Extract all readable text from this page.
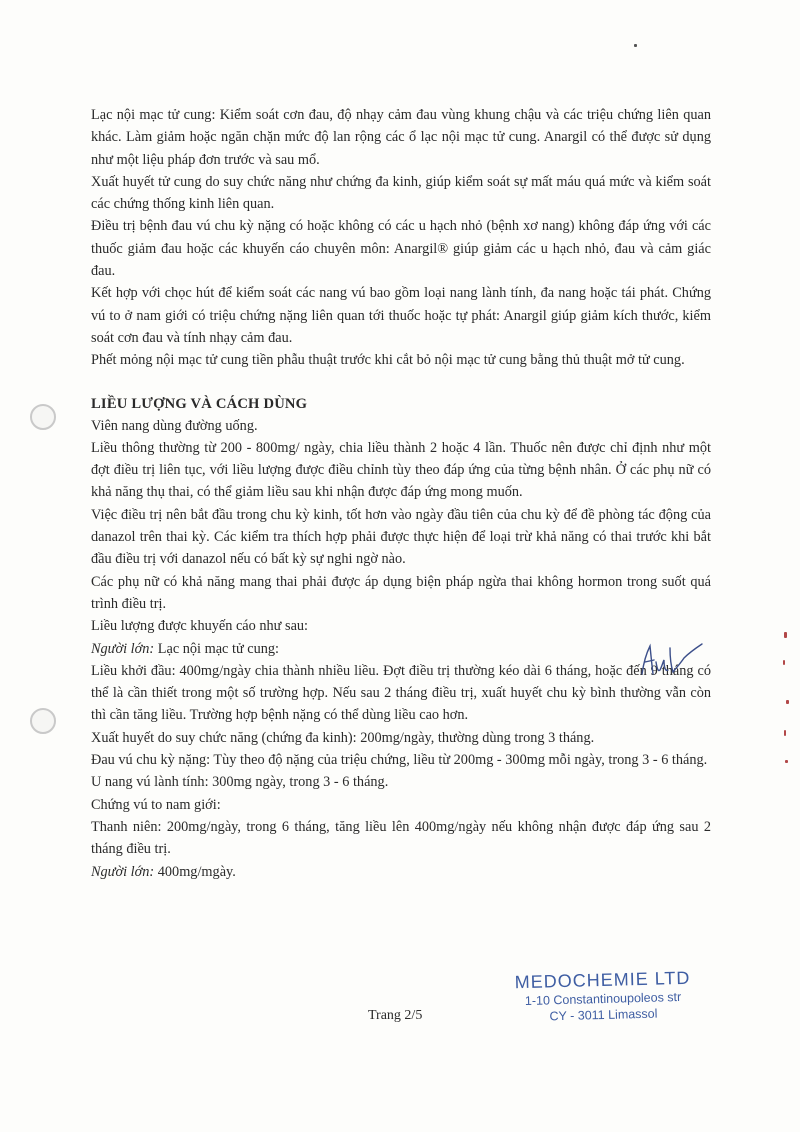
Lạc nội mạc tử cung: Kiểm soát cơn đau, độ nhạy cảm đau vùng khung chậu và các triệu chứng liên quan khác. Làm giảm hoặc ngăn chặn mức độ lan rộng các ổ lạc nội mạc tử cung. Anargil có thể được sử dụng như một liệu pháp đơn trước và sau mổ.

Xuất huyết tử cung do suy chức năng như chứng đa kinh, giúp kiểm soát sự mất máu quá mức và kiểm soát các chứng thống kinh liên quan.

Điều trị bệnh đau vú chu kỳ nặng có hoặc không có các u hạch nhỏ (bệnh xơ nang) không đáp ứng với các thuốc giảm đau hoặc các khuyến cáo chuyên môn: Anargil® giúp giảm các u hạch nhỏ, đau và cảm giác đau.

Kết hợp với chọc hút để kiểm soát các nang vú bao gồm loại nang lành tính, đa nang hoặc tái phát. Chứng vú to ở nam giới có triệu chứng nặng liên quan tới thuốc hoặc tự phát: Anargil giúp giảm kích thước, kiểm soát cơn đau và tính nhạy cảm đau.

Phết mỏng nội mạc tử cung tiền phẫu thuật trước khi cắt bỏ nội mạc tử cung bằng thủ thuật mở tử cung.

LIỀU LƯỢNG VÀ CÁCH DÙNG

Viên nang dùng đường uống.

Liều thông thường từ 200 - 800mg/ ngày, chia liều thành 2 hoặc 4 lần. Thuốc nên được chỉ định như một đợt điều trị liên tục, với liều lượng được điều chỉnh tùy theo đáp ứng của từng bệnh nhân. Ở các phụ nữ có khả năng thụ thai, có thể giảm liều sau khi nhận được đáp ứng mong muốn.

Việc điều trị nên bắt đầu trong chu kỳ kinh, tốt hơn vào ngày đầu tiên của chu kỳ để đề phòng tác động của danazol trên thai kỳ. Các kiểm tra thích hợp phải được thực hiện để loại trừ khả năng có thai trước khi bắt đầu điều trị với danazol nếu có bất kỳ sự nghi ngờ nào.

Các phụ nữ có khả năng mang thai phải được áp dụng biện pháp ngừa thai không hormon trong suốt quá trình điều trị.

Liều lượng được khuyến cáo như sau:

Người lớn: Lạc nội mạc tử cung:

Liều khởi đầu: 400mg/ngày chia thành nhiều liều. Đợt điều trị thường kéo dài 6 tháng, hoặc đến 9 tháng có thể là cần thiết trong một số trường hợp. Nếu sau 2 tháng điều trị, xuất huyết chu kỳ bình thường vẫn còn thì cần tăng liều. Trường hợp bệnh nặng có thể dùng liều cao hơn.

Xuất huyết do suy chức năng (chứng đa kinh): 200mg/ngày, thường dùng trong 3 tháng.

Đau vú chu kỳ nặng: Tùy theo độ nặng của triệu chứng, liều từ 200mg - 300mg mỗi ngày, trong 3 - 6 tháng.

U nang vú lành tính: 300mg ngày, trong 3 - 6 tháng.

Chứng vú to nam giới:

Thanh niên: 200mg/ngày, trong 6 tháng, tăng liều lên 400mg/ngày nếu không nhận được đáp ứng sau 2 tháng điều trị.

Người lớn: 400mg/mgày.

Trang 2/5
MEDOCHEMIE LTD
1-10 Constantinoupoleos str
CY - 3011 Limassol
